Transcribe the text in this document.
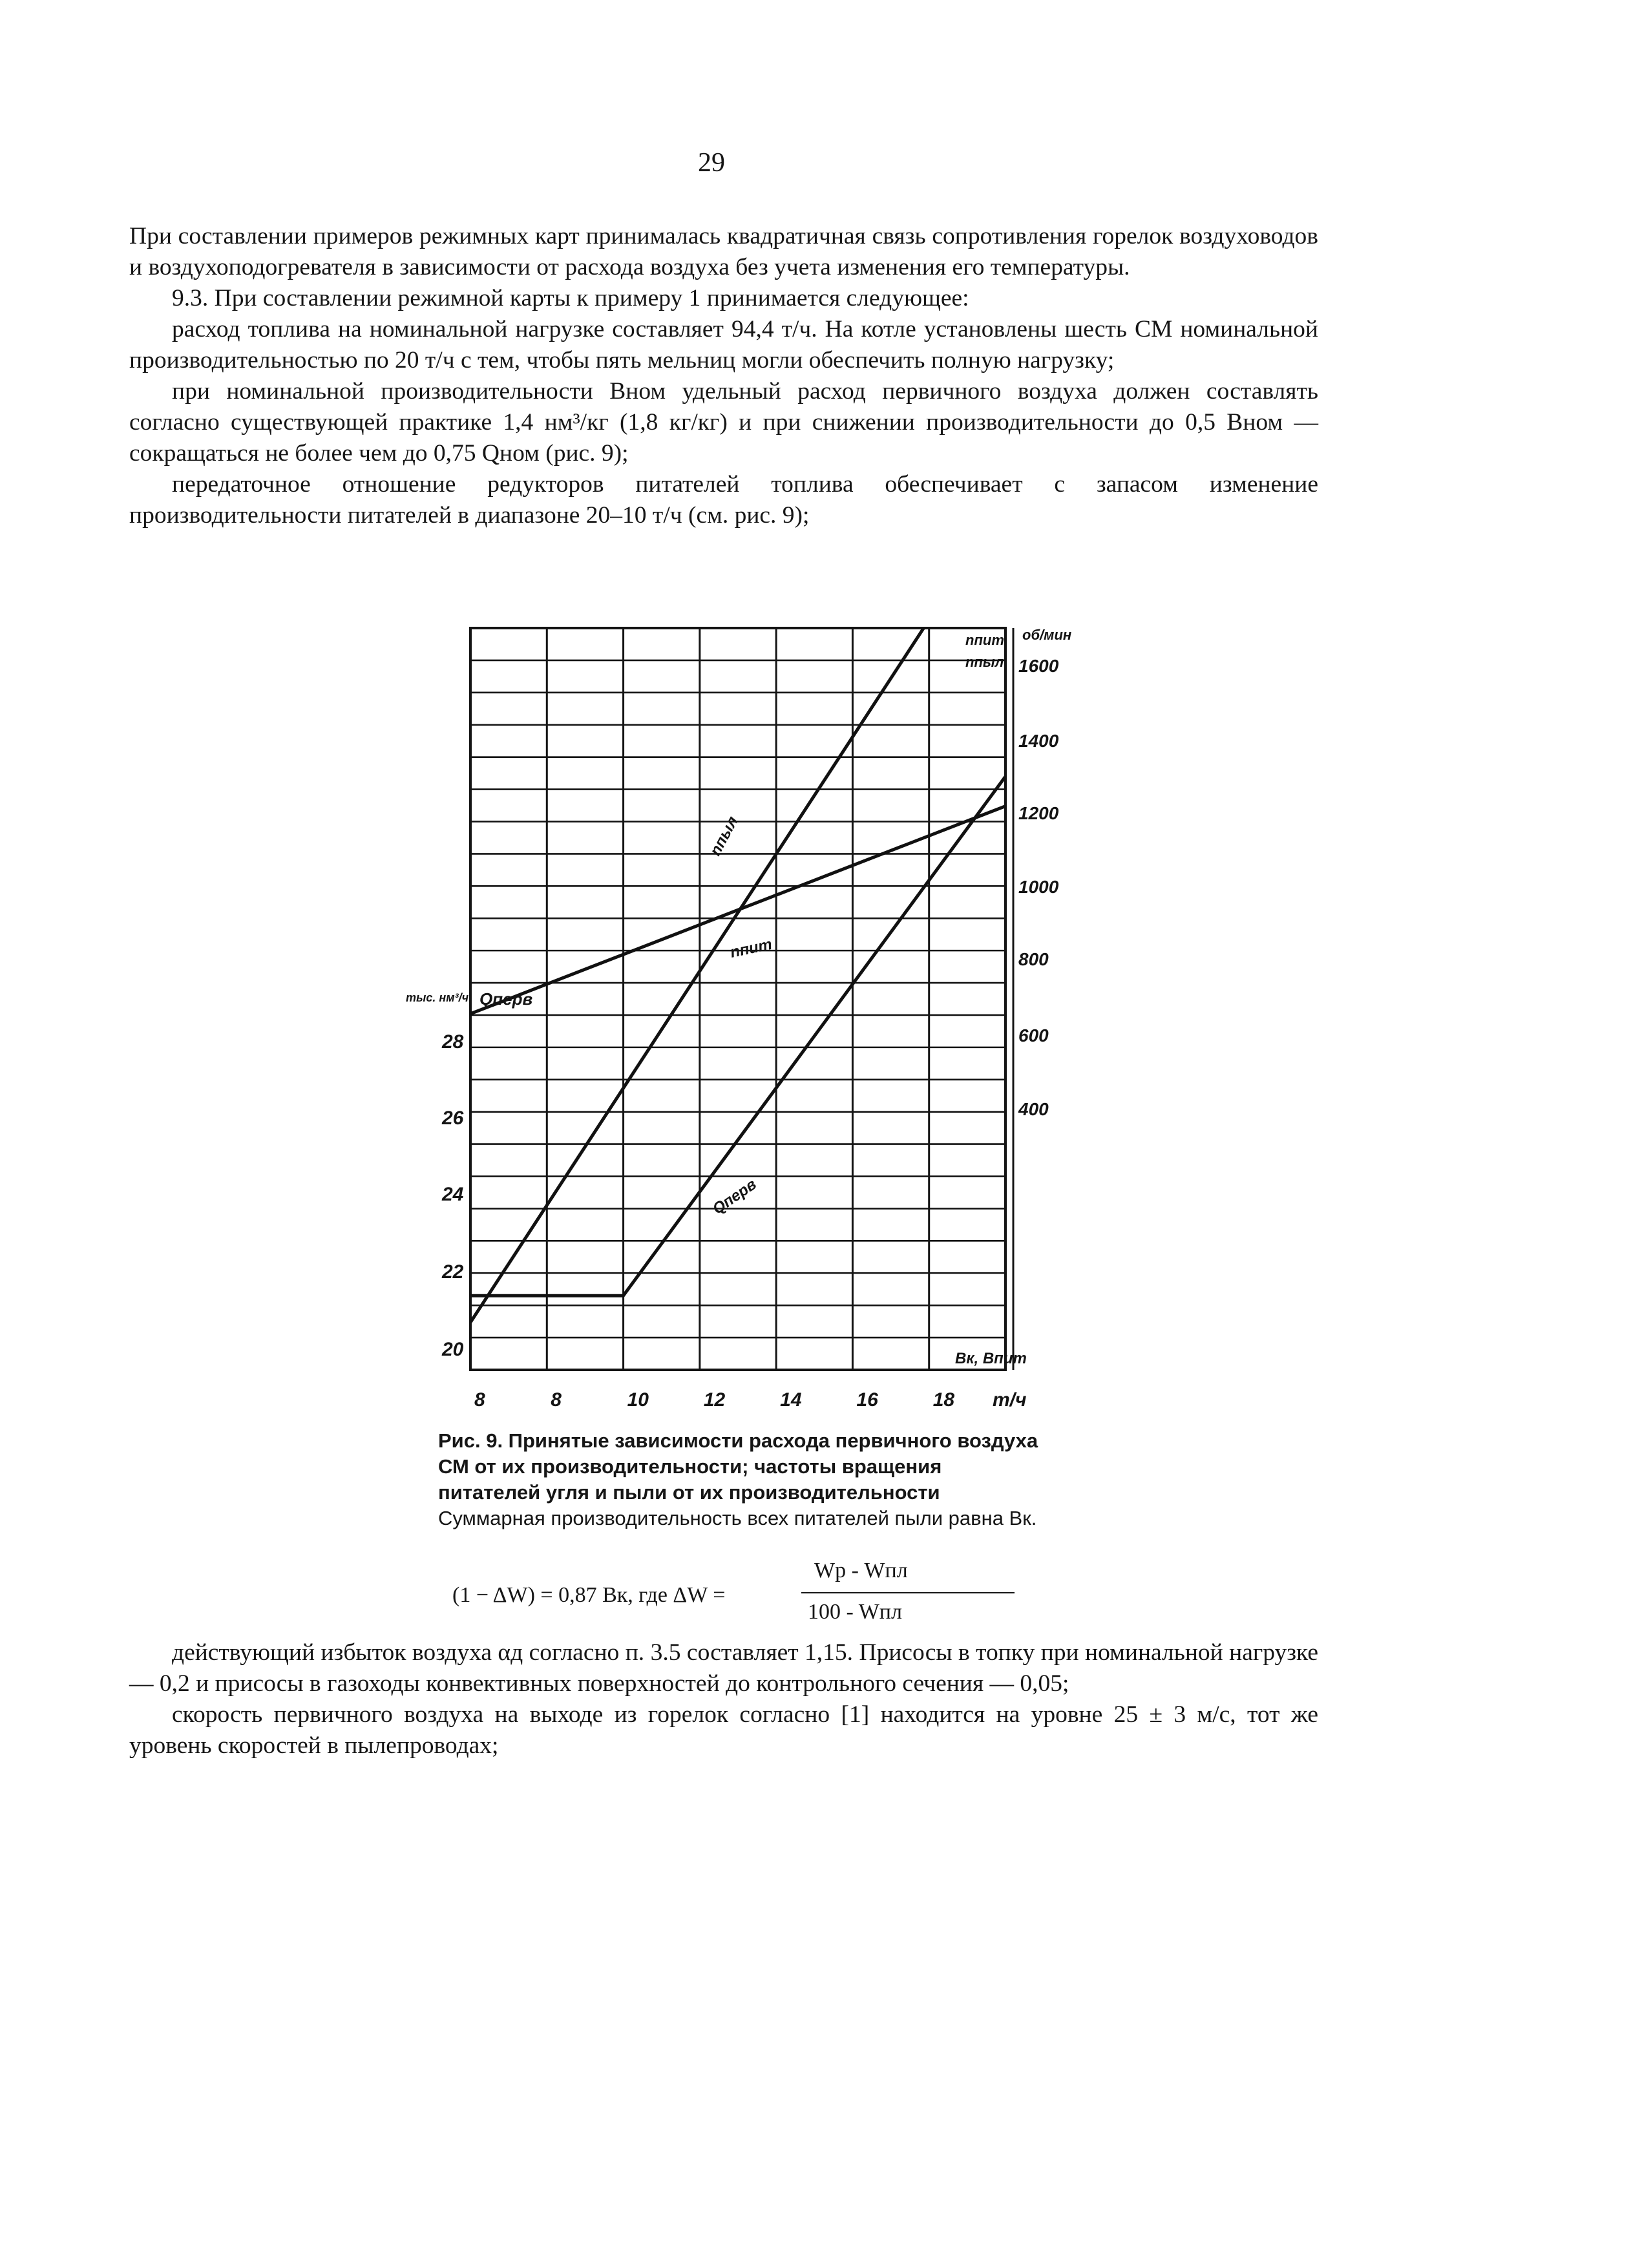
29

При составлении примеров режимных карт принималась квадратичная связь сопротивления горелок воздуховодов и воздухоподогревателя в зависимости от расхода воздуха без учета изменения его температуры.

9.3. При составлении режимной карты к примеру 1 принимается следующее:

расход топлива на номинальной нагрузке составляет 94,4 т/ч. На котле установлены шесть СМ номинальной производительностью по 20 т/ч с тем, чтобы пять мельниц могли обеспечить полную нагрузку;

при номинальной производительности Bном удельный расход первичного воздуха должен составлять согласно существующей практике 1,4 нм³/кг (1,8 кг/кг) и при снижении производительности до 0,5 Bном — сокращаться не более чем до 0,75 Qном (рис. 9);

передаточное отношение редукторов питателей топлива обеспечивает с запасом изменение производительности питателей в диапазоне 20–10 т/ч (см. рис. 9);

8	8	10	12	14	16	18 т/ч
28
26
24
22
20
тыс. нм³/ч Qперв
1600
1400
1200
1000
800
600
400
об/мин
nпит.
nпыл.
Bк, Bпит
nпыл
nпит
Qперв
Рис. 9. Принятые зависимости расхода первичного воздуха СМ от их производительности; частоты вращения питателей угля и пыли от их производительности
Суммарная производительность всех питателей пыли равна Bк.
(1 − ΔW) = 0,87 Bк, где ΔW =
Wр - Wпл
100 - Wпл

действующий избыток воздуха αд согласно п. 3.5 составляет 1,15. Присосы в топку при номинальной нагрузке — 0,2 и присосы в газоходы конвективных поверхностей до контрольного сечения — 0,05;

скорость первичного воздуха на выходе из горелок согласно [1] находится на уровне 25 ± 3 м/с, тот же уровень скоростей в пылепроводах;
